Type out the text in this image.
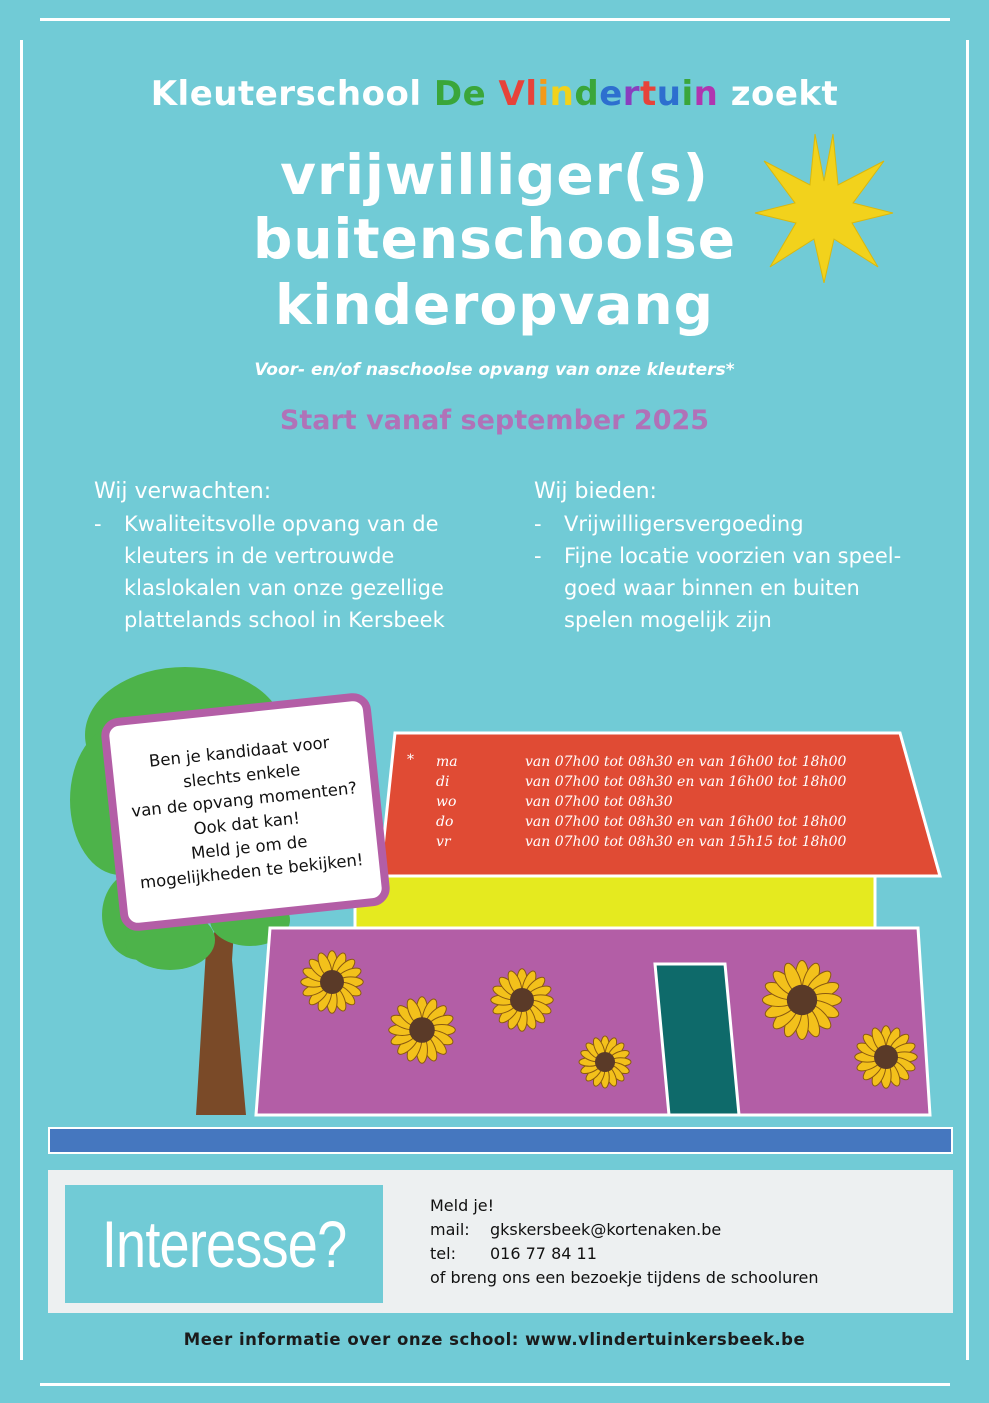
Kleuterschool De Vlindertuin zoekt
vrijwilliger(s)
buitenschoolse
kinderopvang
Voor- en/of naschoolse opvang van onze kleuters*
Start vanaf september 2025
Wij verwachten:
- Kwaliteitsvolle opvang van de kleuters in de vertrouwde klaslokalen van onze gezellige plattelands school in Kersbeek
Wij bieden:
- Vrijwilligersvergoeding
- Fijne locatie voorzien van speel-goed waar binnen en buiten spelen mogelijk zijn
* ma
di
wo
do
vr
van 07h00 tot 08h30 en van 16h00 tot 18h00
van 07h00 tot 08h30 en van 16h00 tot 18h00
van 07h00 tot 08h30
van 07h00 tot 08h30 en van 16h00 tot 18h00
van 07h00 tot 08h30 en van 15h15 tot 18h00
Ben je kandidaat voor
slechts enkele
van de opvang momenten?
Ook dat kan!
Meld je om de
mogelijkheden te bekijken!
Interesse?
Meld je!
mail: gkskersbeek@kortenaken.be
tel: 016 77 84 11
of breng ons een bezoekje tijdens de schooluren
Meer informatie over onze school: www.vlindertuinkersbeek.be
